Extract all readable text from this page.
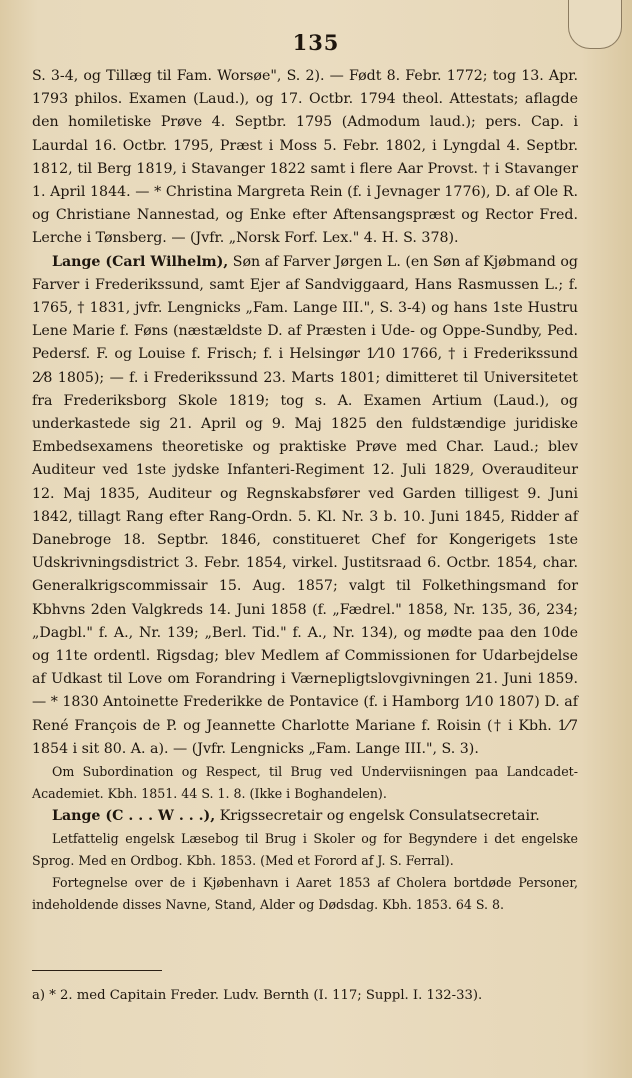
135

S. 3-4, og Tillæg til Fam. Worsøe", S. 2). — Født 8. Febr. 1772; tog 13. Apr. 1793 philos. Examen (Laud.), og 17. Octbr. 1794 theol. Attestats; aflagde den homiletiske Prøve 4. Septbr. 1795 (Admodum laud.); pers. Cap. i Laurdal 16. Octbr. 1795, Præst i Moss 5. Febr. 1802, i Lyngdal 4. Septbr. 1812, til Berg 1819, i Stavanger 1822 samt i flere Aar Provst. † i Stavanger 1. April 1844. — * Christina Margreta Rein (f. i Jevnager 1776), D. af Ole R. og Christiane Nannestad, og Enke efter Aftensangspræst og Rector Fred. Lerche i Tønsberg. — (Jvfr. „Norsk Forf. Lex." 4. H. S. 378).

Lange (Carl Wilhelm), Søn af Farver Jørgen L. (en Søn af Kjøbmand og Farver i Frederikssund, samt Ejer af Sandviggaard, Hans Rasmussen L.; f. 1765, † 1831, jvfr. Lengnicks „Fam. Lange III.", S. 3-4) og hans 1ste Hustru Lene Marie f. Føns (næstældste D. af Præsten i Ude- og Oppe-Sundby, Ped. Pedersf. F. og Louise f. Frisch; f. i Helsingør 1⁄10 1766, † i Frederikssund 2⁄8 1805); — f. i Frederikssund 23. Marts 1801; dimitteret til Universitetet fra Frederiksborg Skole 1819; tog s. A. Examen Artium (Laud.), og underkastede sig 21. April og 9. Maj 1825 den fuldstændige juridiske Embedsexamens theoretiske og praktiske Prøve med Char. Laud.; blev Auditeur ved 1ste jydske Infanteri-Regiment 12. Juli 1829, Overauditeur 12. Maj 1835, Auditeur og Regnskabsfører ved Garden tilligest 9. Juni 1842, tillagt Rang efter Rang-Ordn. 5. Kl. Nr. 3 b. 10. Juni 1845, Ridder af Danebroge 18. Septbr. 1846, constitueret Chef for Kongerigets 1ste Udskrivningsdistrict 3. Febr. 1854, virkel. Justitsraad 6. Octbr. 1854, char. Generalkrigscommissair 15. Aug. 1857; valgt til Folkethingsmand for Kbhvns 2den Valgkreds 14. Juni 1858 (f. „Fædrel." 1858, Nr. 135, 36, 234; „Dagbl." f. A., Nr. 139; „Berl. Tid." f. A., Nr. 134), og mødte paa den 10de og 11te ordentl. Rigsdag; blev Medlem af Commissionen for Udarbejdelse af Udkast til Love om Forandring i Værnepligtslovgivningen 21. Juni 1859. — * 1830 Antoinette Frederikke de Pontavice (f. i Hamborg 1⁄10 1807) D. af René François de P. og Jeannette Charlotte Mariane f. Roisin († i Kbh. 1⁄7 1854 i sit 80. A. a). — (Jvfr. Lengnicks „Fam. Lange III.", S. 3).

Om Subordination og Respect, til Brug ved Underviisningen paa Landcadet-Academiet. Kbh. 1851. 44 S. 1. 8. (Ikke i Boghandelen).

Lange (C . . . W . . .), Krigssecretair og engelsk Consulatsecretair.

Letfattelig engelsk Læsebog til Brug i Skoler og for Begyndere i det engelske Sprog. Med en Ordbog. Kbh. 1853. (Med et Forord af J. S. Ferral).

Fortegnelse over de i Kjøbenhavn i Aaret 1853 af Cholera bortdøde Personer, indeholdende disses Navne, Stand, Alder og Dødsdag. Kbh. 1853. 64 S. 8.

a) * 2. med Capitain Freder. Ludv. Bernth (I. 117; Suppl. I. 132-33).
